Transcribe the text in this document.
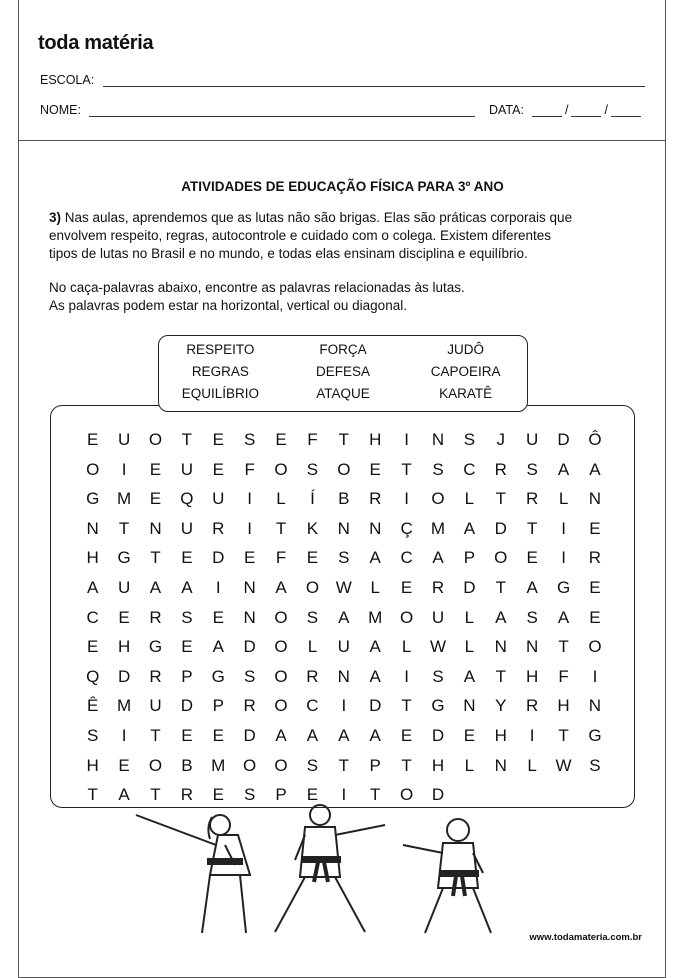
toda matéria
ESCOLA:
NOME:	DATA:	/	/
ATIVIDADES DE EDUCAÇÃO FÍSICA PARA 3º ANO
3) Nas aulas, aprendemos que as lutas não são brigas. Elas são práticas corporais que
envolvem respeito, regras, autocontrole e cuidado com o colega. Existem diferentes
tipos de lutas no Brasil e no mundo, e todas elas ensinam disciplina e equilíbrio.
No caça-palavras abaixo, encontre as palavras relacionadas às lutas.
As palavras podem estar na horizontal, vertical ou diagonal.
RESPEITO	FORÇA	JUDÔ
REGRAS	DEFESA	CAPOEIRA
EQUILÍBRIO	ATAQUE	KARATÊ
E	U	O	T	E	S	E	F	T	H	I	N	S	J	U	D	Ô
O	I	E	U	E	F	O	S	O	E	T	S	C	R	S	A	A
G	M	E	Q	U	I	L	Í	B	R	I	O	L	T	R	L	N
N	T	N	U	R	I	T	K	N	N	Ç	M	A	D	T	I	E
H	G	T	E	D	E	F	E	S	A	C	A	P	O	E	I	R
A	U	A	A	I	N	A	O W	L	E	R	D	T	A	G	E
C	E	R	S	E	N	O	S	A	M	O	U	L	A	S	A	E
E	H	G	E	A	D	O	L	U	A	L	W	L	N	N	T	O
Q	D	R	P	G	S	O	R	N	A	I	S	A	T	H	F	I
Ê	M	U	D	P	R	O	C	I	D	T	G	N	Y	R	H	N
S	I	T	E	E	D	A	A	A	A	E	D	E	H	I	T	G
H	E	O	B	M	O	O	S	T	P	T	H	L	N	L	W	S
T	A	T	R	E	S	P	E	I	T	O	D
www.todamateria.com.br
